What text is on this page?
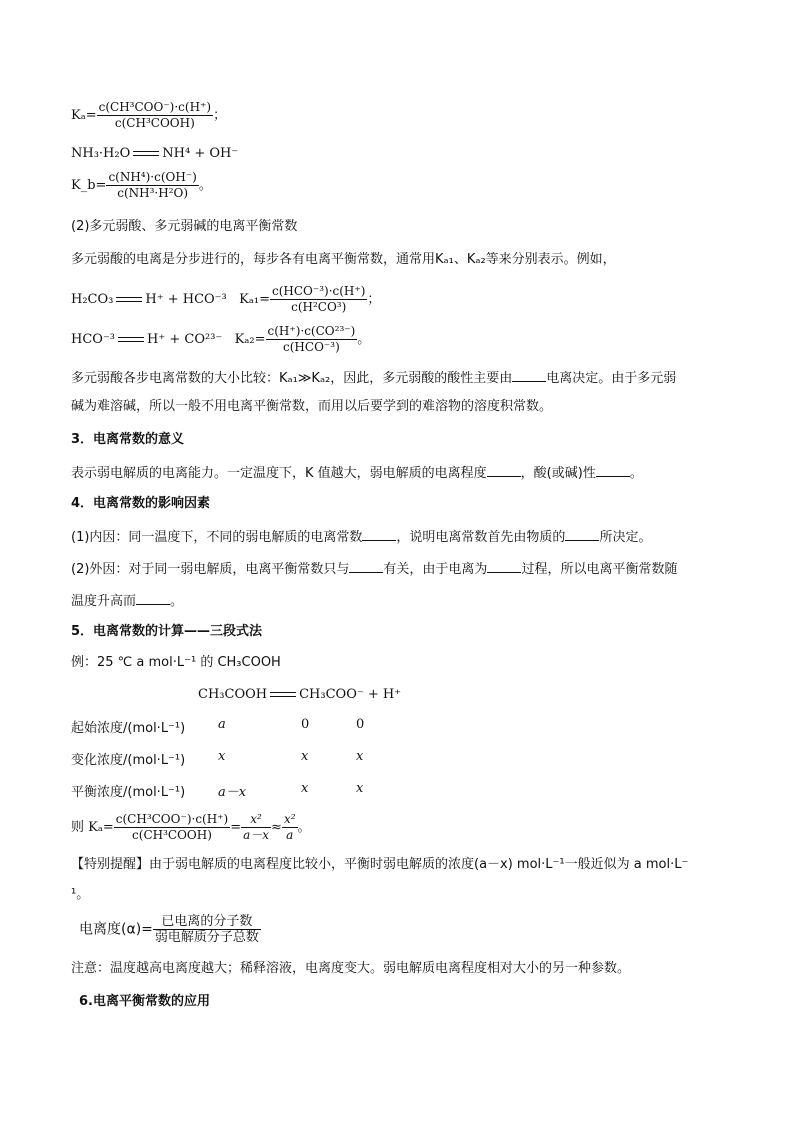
$K_a= \frac{\text{c(CH³COO⁻)·c(H⁺)}}{\text{c(CH³COOH)}}$ ；
NH₃·H₂O NH⁴ + OH⁻
K_b= $\frac{\text{c(NH⁴)·c(OH⁻)}}{\text{c(NH³·H²O)}}$ 。
(2)多元弱酸、多元弱碱的电离平衡常数
多元弱酸的电离是分步进行的，每步各有电离平衡常数，通常用Kₐ₁、Kₐ₂等来分别表示。例如，
H₂CO₃ H⁺ + HCO⁻³ $K_{a1}= \frac{\text{c(HCO⁻³)·c(H⁺)}}{\text{c(H²CO³)}}$ ；
HCO⁻³ H⁺ + CO²³⁻ $K_{a2}= \frac{\text{c(H⁺)·c(CO²³⁻)}}{\text{c(HCO⁻³)}}$ 。
多元弱酸各步电离常数的大小比较：Kₐ₁≫Kₐ₂，因此，多元弱酸的酸性主要由	电离决定。由于多元弱
碱为难溶碱，所以一般不用电离平衡常数，而用以后要学到的难溶物的溶度积常数。
3．电离常数的意义
表示弱电解质的电离能力。一定温度下，K 值越大，弱电解质的电离程度	，酸(或碱)性	。
4．电离常数的影响因素
(1)内因：同一温度下，不同的弱电解质的电离常数	，说明电离常数首先由物质的	所决定。
(2)外因：对于同一弱电解质，电离平衡常数只与	有关，由于电离为	过程，所以电离平衡常数随
温度升高而	。
5．电离常数的计算——三段式法
例：25 ℃ a mol·L⁻¹ 的 CH₃COOH
CH₃COOH CH₃COO⁻ + H⁺
起始浓度/(mol·L⁻¹)	a	0	0
变化浓度/(mol·L⁻¹)	x	x	x
平衡浓度/(mol·L⁻¹)	a－x	x	x
则 $K_a= \frac{\text{c(CH³COO⁻)·c(H⁺)}}{\text{c(CH³COOH)}} = \frac{\text{x²}}{a-x} \approx \frac{\text{x²}}{a}$ 。
【特别提醒】由于弱电解质的电离程度比较小，平衡时弱电解质的浓度(a－x) mol·L⁻¹一般近似为 a mol·L⁻
¹。
电离度$(\alpha)= \frac{\text{已电离的分子数}}{\text{弱电解质分子总数}}$
注意：温度越高电离度越大；稀释溶液，电离度变大。弱电解质电离程度相对大小的另一种参数。
6.电离平衡常数的应用
